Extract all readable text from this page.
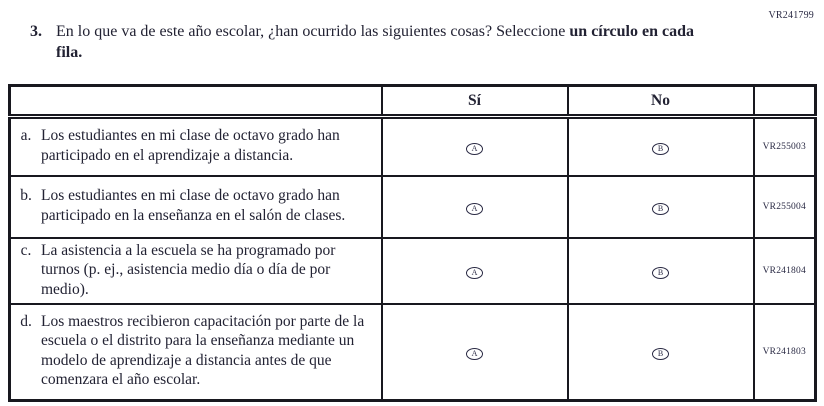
VR241799
3. En lo que va de este año escolar, ¿han ocurrido las siguientes cosas? Seleccione un círculo en cada fila.
	Sí	No	

a. Los estudiantes en mi clase de octavo grado han participado en el aprendizaje a distancia.	A	B	VR255003

b. Los estudiantes en mi clase de octavo grado han participado en la enseñanza en el salón de clases.	A	B	VR255004

c. La asistencia a la escuela se ha programado por turnos (p. ej., asistencia medio día o día de por medio).	A	B	VR241804

d. Los maestros recibieron capacitación por parte de la escuela o el distrito para la enseñanza mediante un modelo de aprendizaje a distancia antes de que comenzara el año escolar.	A	B	VR241803
